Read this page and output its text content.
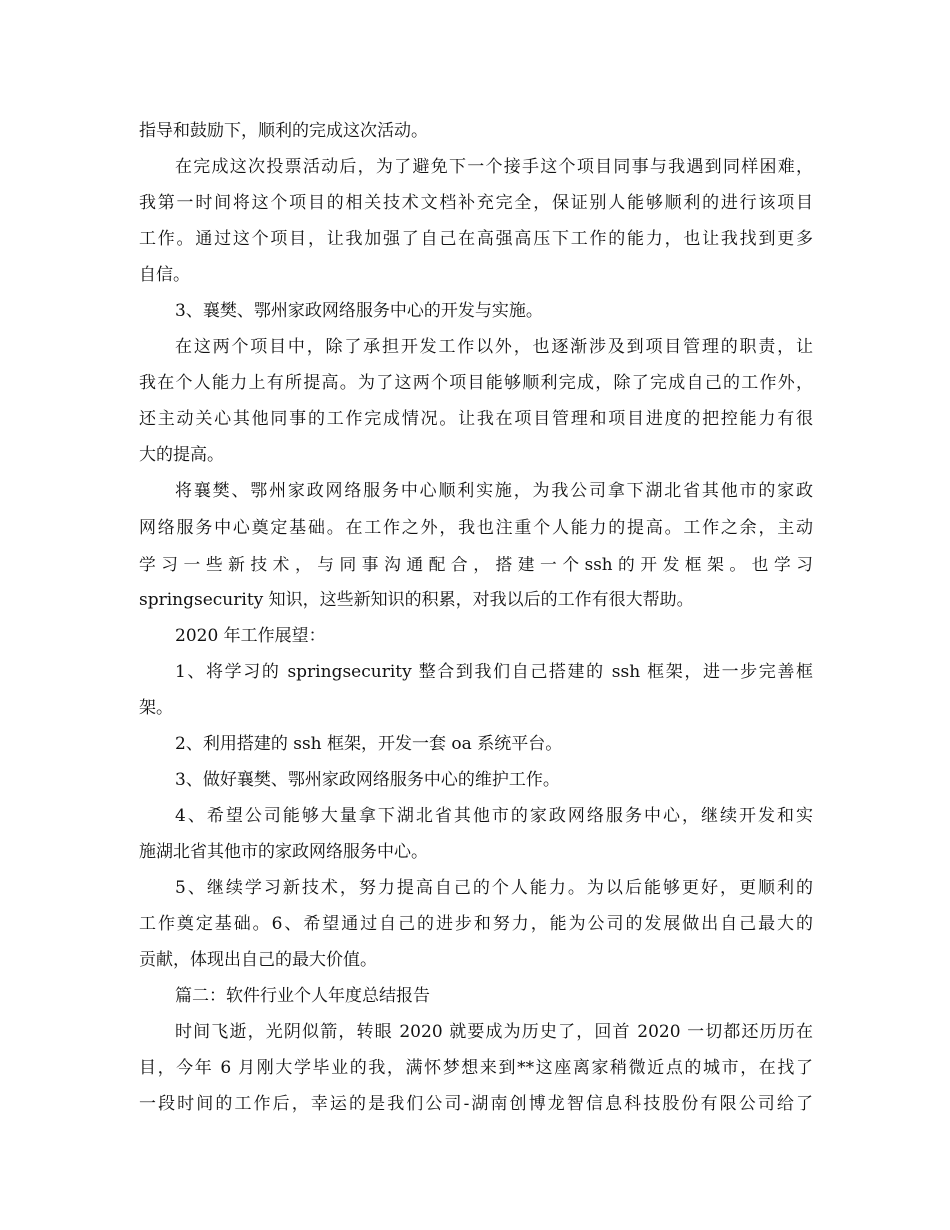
指导和鼓励下，顺利的完成这次活动。
在完成这次投票活动后，为了避免下一个接手这个项目同事与我遇到同样困难，
我第一时间将这个项目的相关技术文档补充完全，保证别人能够顺利的进行该项目
工作。通过这个项目，让我加强了自己在高强高压下工作的能力，也让我找到更多
自信。
3、襄樊、鄂州家政网络服务中心的开发与实施。
在这两个项目中，除了承担开发工作以外，也逐渐涉及到项目管理的职责，让
我在个人能力上有所提高。为了这两个项目能够顺利完成，除了完成自己的工作外，
还主动关心其他同事的工作完成情况。让我在项目管理和项目进度的把控能力有很
大的提高。
将襄樊、鄂州家政网络服务中心顺利实施，为我公司拿下湖北省其他市的家政
网络服务中心奠定基础。在工作之外，我也注重个人能力的提高。工作之余，主动
学 习 一 些 新 技 术 ， 与 同 事 沟 通 配 合 ， 搭 建 一 个 ssh 的 开 发 框 架 。 也 学 习
springsecurity 知识，这些新知识的积累，对我以后的工作有很大帮助。
2020 年工作展望：
1、将学习的 springsecurity 整合到我们自己搭建的 ssh 框架，进一步完善框
架。
2、利用搭建的 ssh 框架，开发一套 oa 系统平台。
3、做好襄樊、鄂州家政网络服务中心的维护工作。
4、希望公司能够大量拿下湖北省其他市的家政网络服务中心，继续开发和实
施湖北省其他市的家政网络服务中心。
5、继续学习新技术，努力提高自己的个人能力。为以后能够更好，更顺利的
工作奠定基础。6、希望通过自己的进步和努力，能为公司的发展做出自己最大的
贡献，体现出自己的最大价值。
篇二：软件行业个人年度总结报告
时间飞逝，光阴似箭，转眼 2020 就要成为历史了，回首 2020 一切都还历历在
目，今年 6 月刚大学毕业的我，满怀梦想来到**这座离家稍微近点的城市，在找了
一段时间的工作后，幸运的是我们公司-湖南创博龙智信息科技股份有限公司给了
